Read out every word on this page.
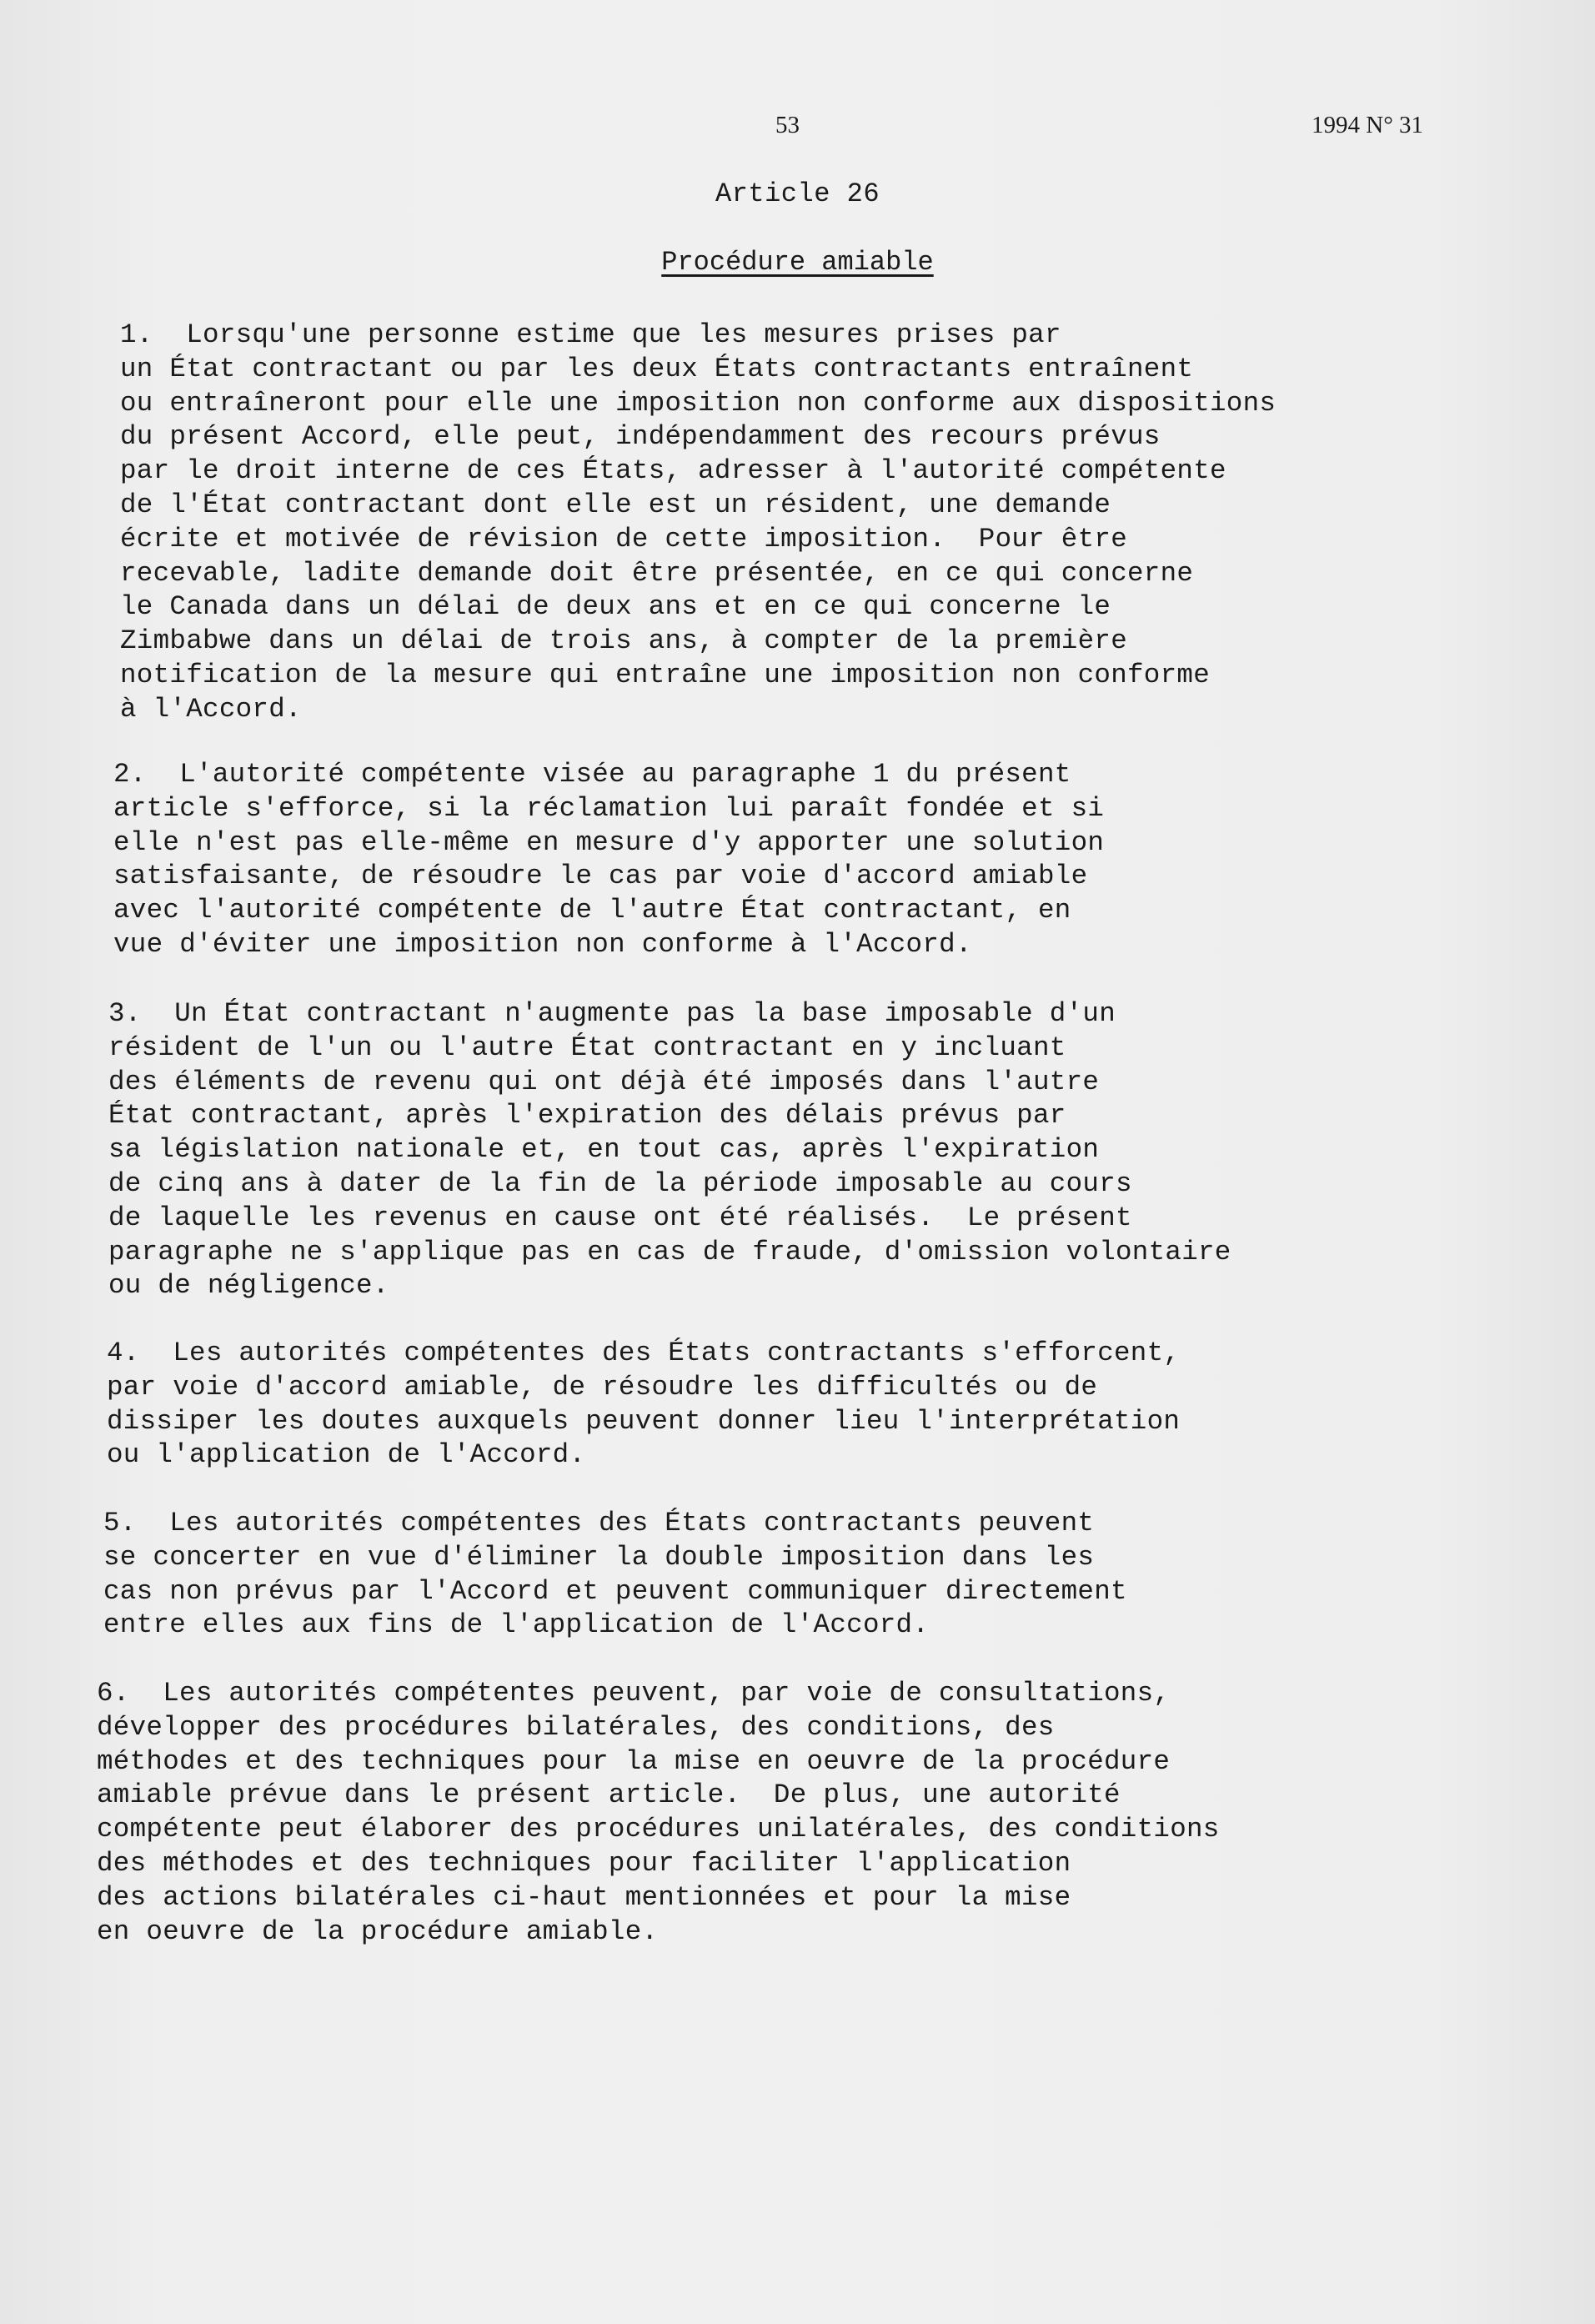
53	1994 N° 31
Article 26
Procédure amiable
1.  Lorsqu'une personne estime que les mesures prises par
un État contractant ou par les deux États contractants entraînent
ou entraîneront pour elle une imposition non conforme aux dispositions
du présent Accord, elle peut, indépendamment des recours prévus
par le droit interne de ces États, adresser à l'autorité compétente
de l'État contractant dont elle est un résident, une demande
écrite et motivée de révision de cette imposition.  Pour être
recevable, ladite demande doit être présentée, en ce qui concerne
le Canada dans un délai de deux ans et en ce qui concerne le
Zimbabwe dans un délai de trois ans, à compter de la première
notification de la mesure qui entraîne une imposition non conforme
à l'Accord.
2.  L'autorité compétente visée au paragraphe 1 du présent
article s'efforce, si la réclamation lui paraît fondée et si
elle n'est pas elle-même en mesure d'y apporter une solution
satisfaisante, de résoudre le cas par voie d'accord amiable
avec l'autorité compétente de l'autre État contractant, en
vue d'éviter une imposition non conforme à l'Accord.
3.  Un État contractant n'augmente pas la base imposable d'un
résident de l'un ou l'autre État contractant en y incluant
des éléments de revenu qui ont déjà été imposés dans l'autre
État contractant, après l'expiration des délais prévus par
sa législation nationale et, en tout cas, après l'expiration
de cinq ans à dater de la fin de la période imposable au cours
de laquelle les revenus en cause ont été réalisés.  Le présent
paragraphe ne s'applique pas en cas de fraude, d'omission volontaire
ou de négligence.
4.  Les autorités compétentes des États contractants s'efforcent,
par voie d'accord amiable, de résoudre les difficultés ou de
dissiper les doutes auxquels peuvent donner lieu l'interprétation
ou l'application de l'Accord.
5.  Les autorités compétentes des États contractants peuvent
se concerter en vue d'éliminer la double imposition dans les
cas non prévus par l'Accord et peuvent communiquer directement
entre elles aux fins de l'application de l'Accord.
6.  Les autorités compétentes peuvent, par voie de consultations,
développer des procédures bilatérales, des conditions, des
méthodes et des techniques pour la mise en oeuvre de la procédure
amiable prévue dans le présent article.  De plus, une autorité
compétente peut élaborer des procédures unilatérales, des conditions
des méthodes et des techniques pour faciliter l'application
des actions bilatérales ci-haut mentionnées et pour la mise
en oeuvre de la procédure amiable.
